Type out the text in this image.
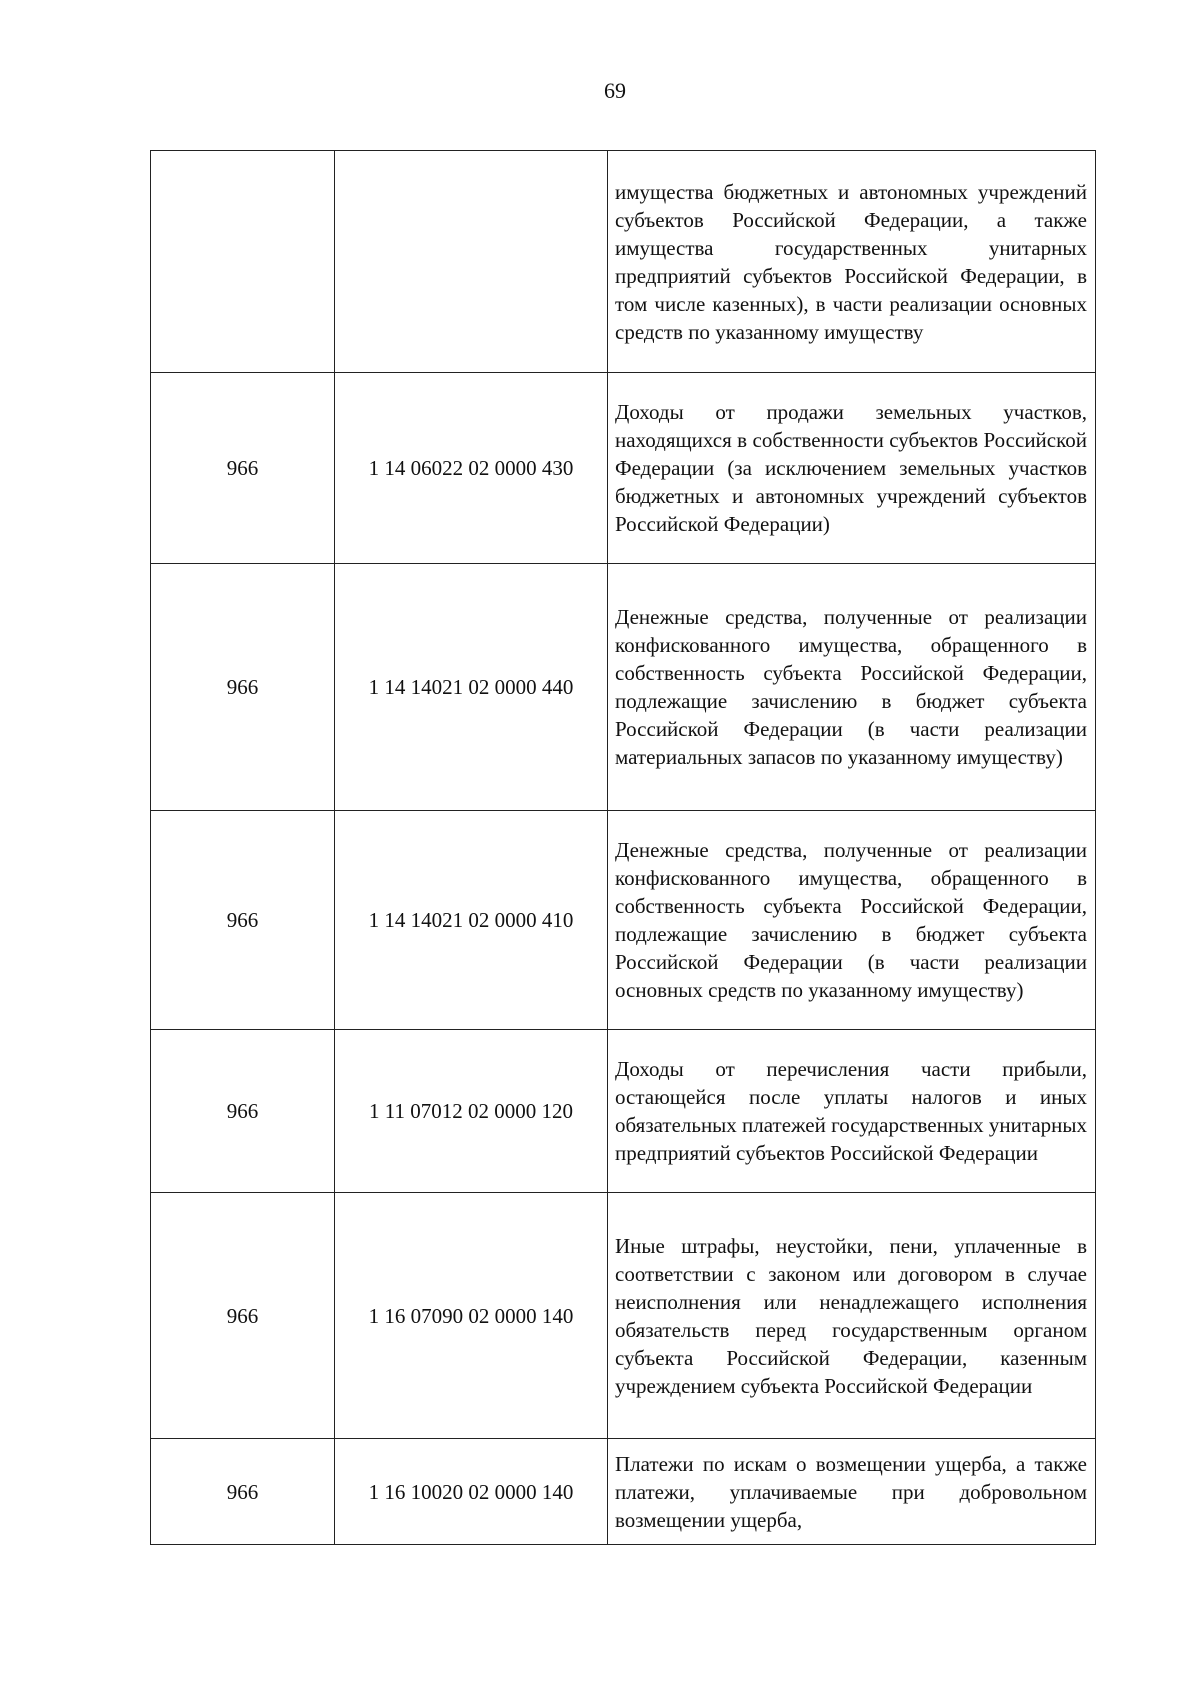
69

		имущества бюджетных и автономных учреждений субъектов Российской Федерации, а также имущества государственных унитарных предприятий субъектов Российской Федерации, в том числе казенных), в части реализации основных средств по указанному имуществу

966	1 14 06022 02 0000 430	Доходы от продажи земельных участков, находящихся в собственности субъектов Российской Федерации (за исключением земельных участков бюджетных и автономных учреждений субъектов Российской Федерации)

966	1 14 14021 02 0000 440	Денежные средства, полученные от реализации конфискованного имущества, обращенного в собственность субъекта Российской Федерации, подлежащие зачислению в бюджет субъекта Российской Федерации (в части реализации материальных запасов по указанному имуществу)

966	1 14 14021 02 0000 410	Денежные средства, полученные от реализации конфискованного имущества, обращенного в собственность субъекта Российской Федерации, подлежащие зачислению в бюджет субъекта Российской Федерации (в части реализации основных средств по указанному имуществу)

966	1 11 07012 02 0000 120	Доходы от перечисления части прибыли, остающейся после уплаты налогов и иных обязательных платежей государственных унитарных предприятий субъектов Российской Федерации

966	1 16 07090 02 0000 140	Иные штрафы, неустойки, пени, уплаченные в соответствии с законом или договором в случае неисполнения или ненадлежащего исполнения обязательств перед государственным органом субъекта Российской Федерации, казенным учреждением субъекта Российской Федерации

966	1 16 10020 02 0000 140	Платежи по искам о возмещении ущерба, а также платежи, уплачиваемые при добровольном возмещении ущерба,
